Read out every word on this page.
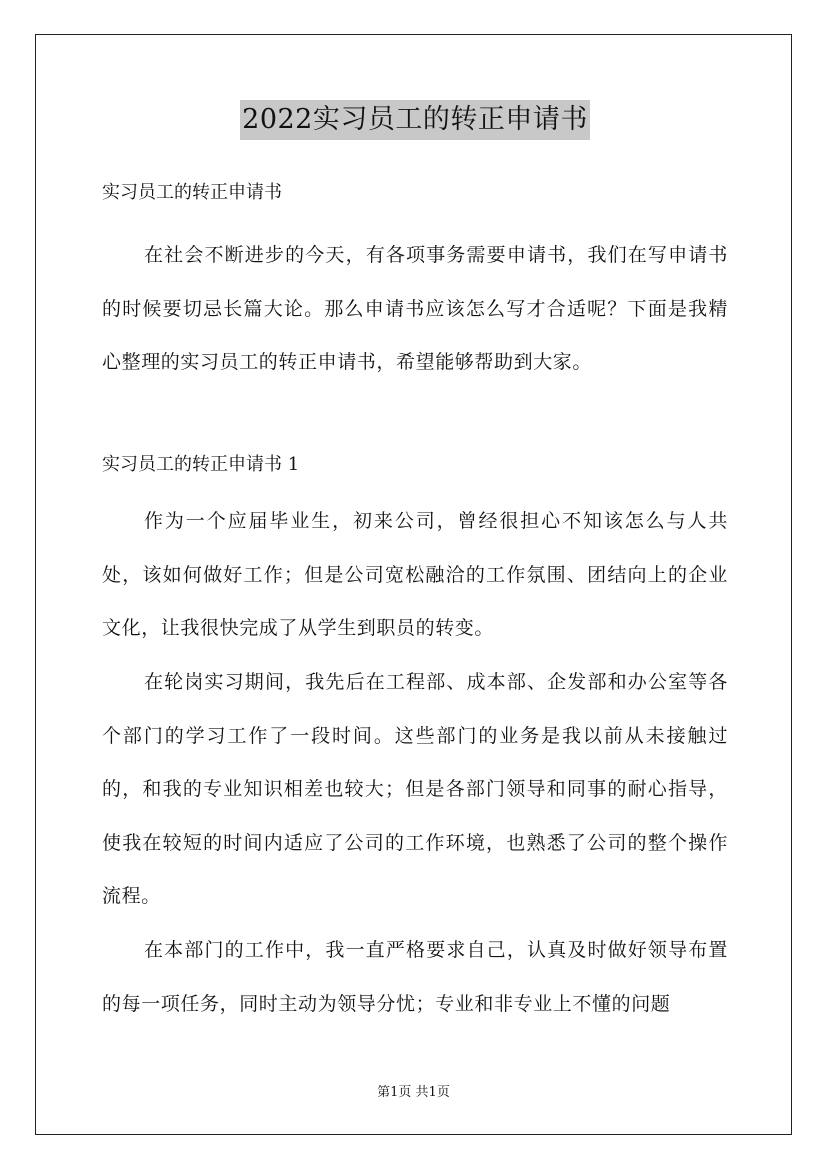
2022实习员工的转正申请书
实习员工的转正申请书

在社会不断进步的今天，有各项事务需要申请书，我们在写申请书的时候要切忌长篇大论。那么申请书应该怎么写才合适呢？下面是我精心整理的实习员工的转正申请书，希望能够帮助到大家。

实习员工的转正申请书 1

作为一个应届毕业生，初来公司，曾经很担心不知该怎么与人共处，该如何做好工作；但是公司宽松融洽的工作氛围、团结向上的企业文化，让我很快完成了从学生到职员的转变。

在轮岗实习期间，我先后在工程部、成本部、企发部和办公室等各个部门的学习工作了一段时间。这些部门的业务是我以前从未接触过的，和我的专业知识相差也较大；但是各部门领导和同事的耐心指导，使我在较短的时间内适应了公司的工作环境，也熟悉了公司的整个操作流程。

在本部门的工作中，我一直严格要求自己，认真及时做好领导布置的每一项任务，同时主动为领导分忧；专业和非专业上不懂的问题

第1页 共1页
